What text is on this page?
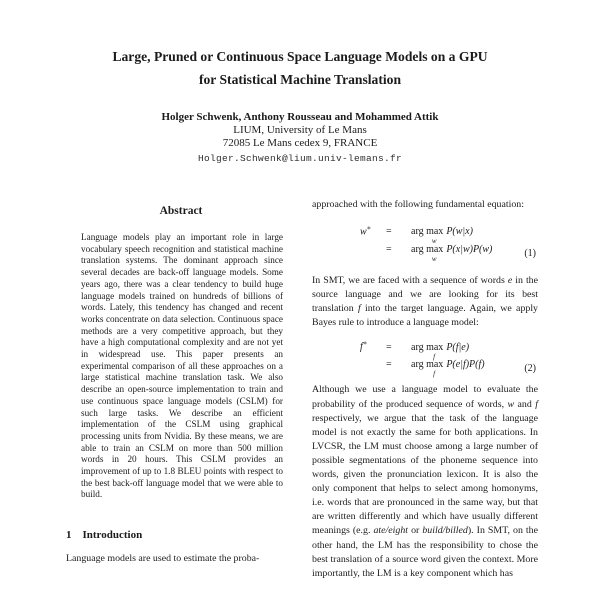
Large, Pruned or Continuous Space Language Models on a GPU
for Statistical Machine Translation
Holger Schwenk, Anthony Rousseau and Mohammed Attik
LIUM, University of Le Mans
72085 Le Mans cedex 9, FRANCE
Holger.Schwenk@lium.univ-lemans.fr
Abstract

Language models play an important role in large vocabulary speech recognition and statistical machine translation systems. The dominant approach since several decades are back-off language models. Some years ago, there was a clear tendency to build huge language models trained on hundreds of billions of words. Lately, this tendency has changed and recent works concentrate on data selection. Continuous space methods are a very competitive approach, but they have a high computational complexity and are not yet in widespread use. This paper presents an experimental comparison of all these approaches on a large statistical machine translation task. We also describe an open-source implementation to train and use continuous space language models (CSLM) for such large tasks. We describe an efficient implementation of the CSLM using graphical processing units from Nvidia. By these means, we are able to train an CSLM on more than 500 million words in 20 hours. This CSLM provides an improvement of up to 1.8 BLEU points with respect to the best back-off language model that we were able to build.

1 Introduction

Language models are used to estimate the proba-

approached with the following fundamental equation:

w∗	=	arg max
w
P(w|x)
=	arg max
w
P(x|w)P(w)	(1)

In SMT, we are faced with a sequence of words e in the source language and we are looking for its best translation f into the target language. Again, we apply Bayes rule to introduce a language model:

f∗	=	arg max
f
P(f|e)
=	arg max
f
P(e|f)P(f)	(2)

Although we use a language model to evaluate the probability of the produced sequence of words, w and f respectively, we argue that the task of the language model is not exactly the same for both applications. In LVCSR, the LM must choose among a large number of possible segmentations of the phoneme sequence into words, given the pronunciation lexicon. It is also the only component that helps to select among homonyms, i.e. words that are pronounced in the same way, but that are written differently and which have usually different meanings (e.g. ate/eight or build/billed). In SMT, on the other hand, the LM has the responsibility to chose the best translation of a source word given the context. More importantly, the LM is a key component which has
